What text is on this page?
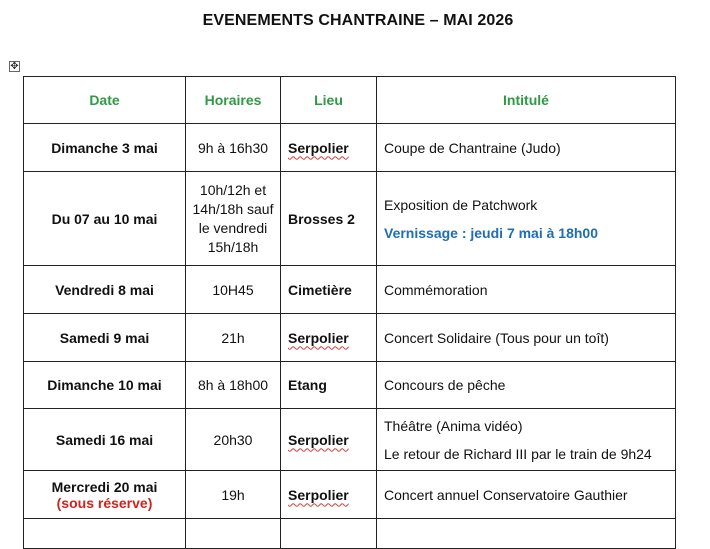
EVENEMENTS CHANTRAINE – MAI 2026
✥
Date	Horaires	Lieu	Intitulé
Dimanche 3 mai	9h à 16h30	Serpolier	Coupe de Chantraine (Judo)
Du 07 au 10 mai	10h/12h et 14h/18h sauf le vendredi 15h/18h	Brosses 2	Exposition de Patchwork
Vernissage : jeudi 7 mai à 18h00

Vendredi 8 mai	10H45	Cimetière	Commémoration
Samedi 9 mai	21h	Serpolier	Concert Solidaire (Tous pour un toît)
Dimanche 10 mai	8h à 18h00	Etang	Concours de pêche
Samedi 16 mai	20h30	Serpolier	Théâtre (Anima vidéo)
Le retour de Richard III par le train de 9h24

Mercredi 20 mai
(sous réserve)	19h	Serpolier	Concert annuel Conservatoire Gauthier
